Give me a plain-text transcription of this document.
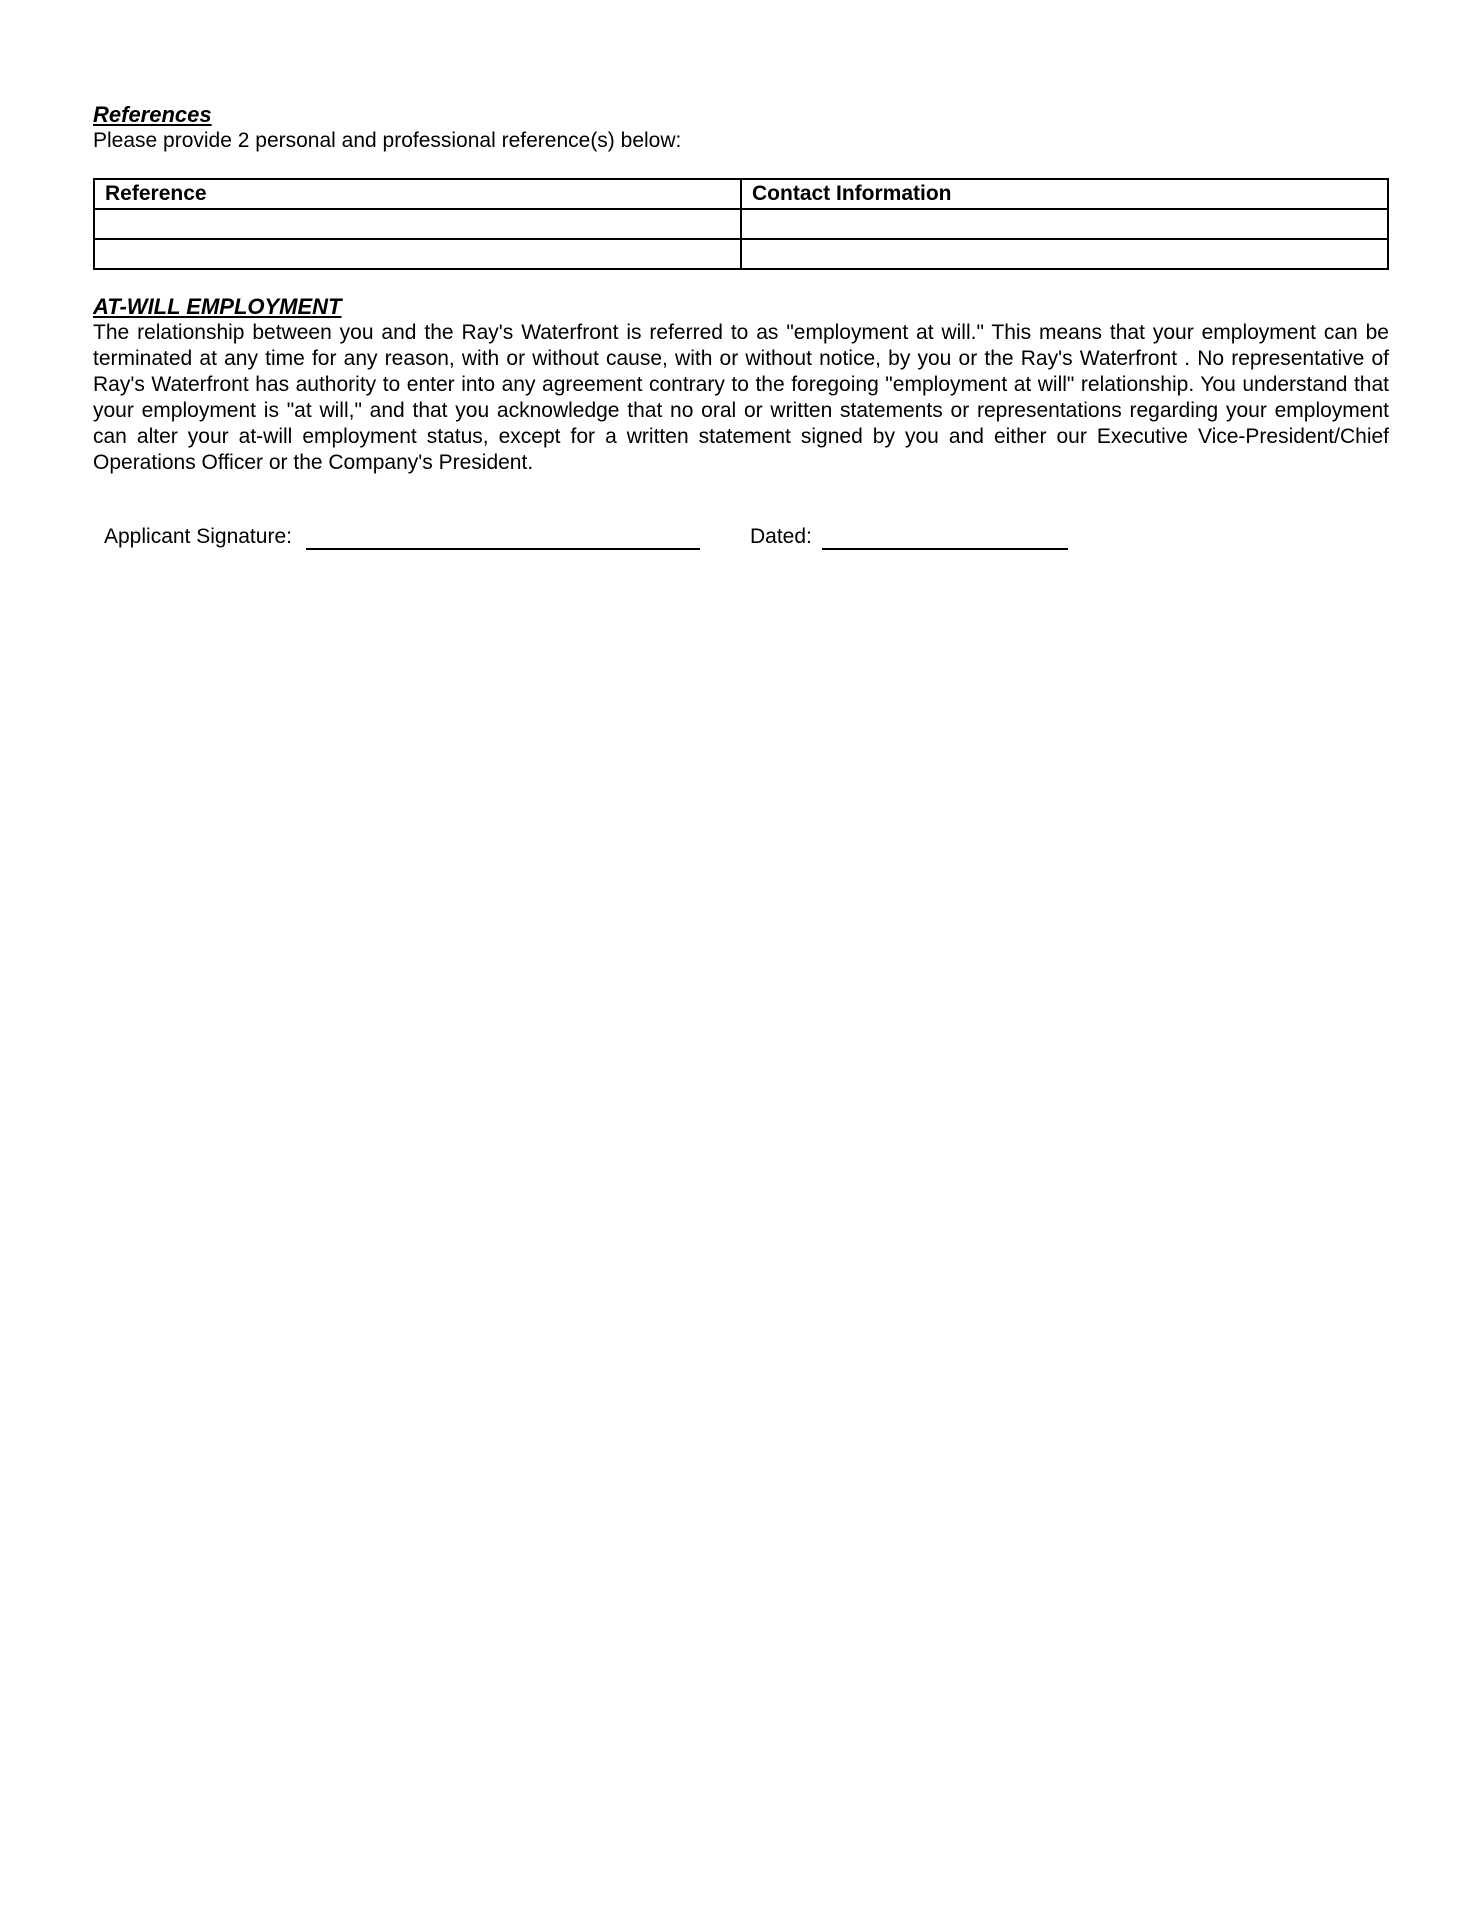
References

Please provide 2 personal and professional reference(s) below:

Reference	Contact Information

AT-WILL EMPLOYMENT

The relationship between you and the Ray's Waterfront is referred to as "employment at will." This means that your employment can be terminated at any time for any reason, with or without cause, with or without notice, by you or the Ray's Waterfront . No representative of Ray's Waterfront has authority to enter into any agreement contrary to the foregoing "employment at will" relationship. You understand that your employment is "at will," and that you acknowledge that no oral or written statements or representations regarding your employment can alter your at-will employment status, except for a written statement signed by you and either our Executive Vice-President/Chief Operations Officer or the Company's President.

Applicant Signature:	Dated:
